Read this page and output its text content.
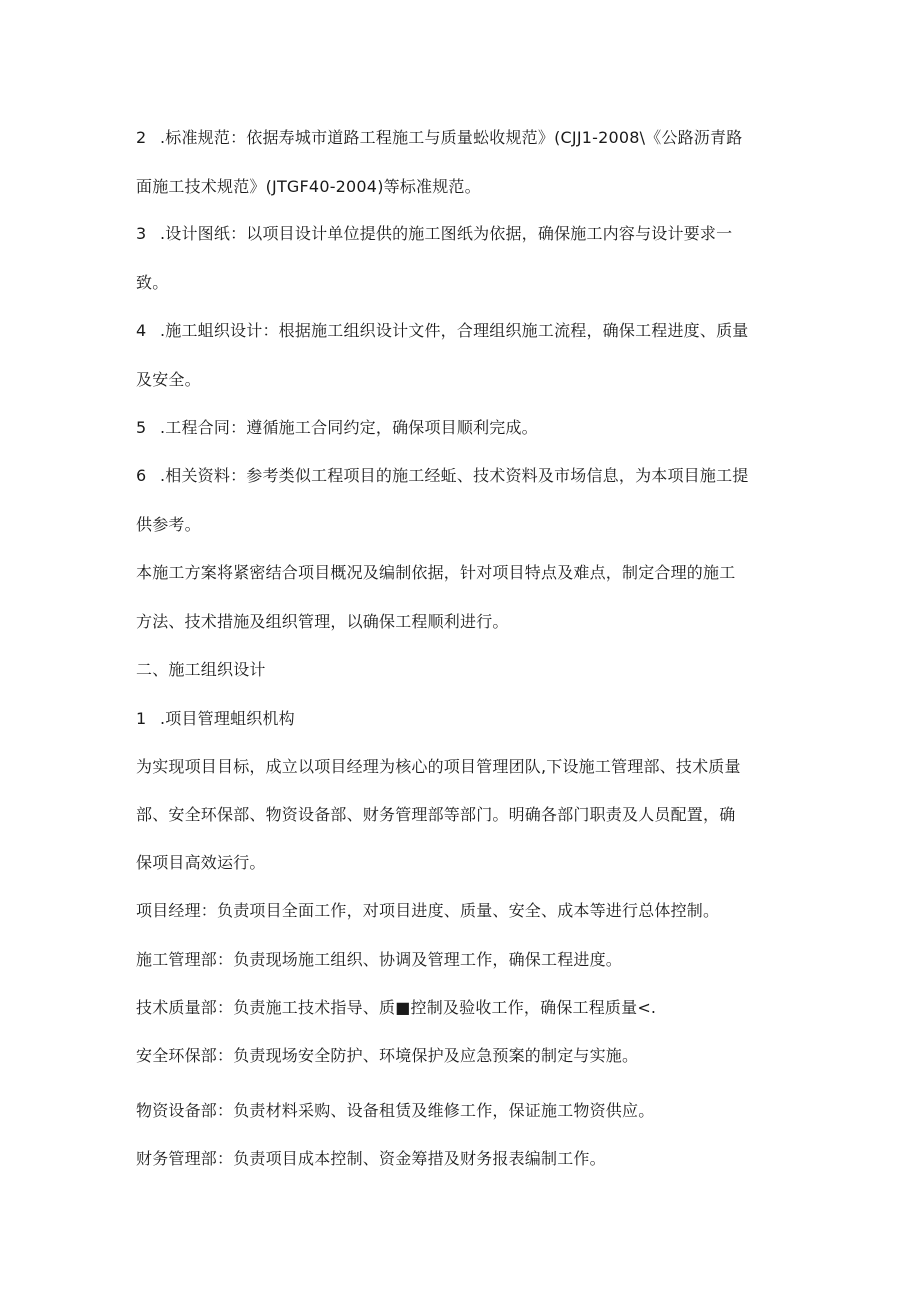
2 .标准规范：依据寿城市道路工程施工与质量蚣收规范》(CJJ1-2008\《公路沥青路
面施工技术规范》(JTGF40-2004)等标准规范。
3 .设计图纸：以项目设计单位提供的施工图纸为依据，确保施工内容与设计要求一
致。
4 .施工蛆织设计：根据施工组织设计文件，合理组织施工流程，确保工程进度、质量
及安全。
5 .工程合同：遵循施工合同约定，确保项目顺利完成。
6 .相关资料：参考类似工程项目的施工经蚯、技术资料及市场信息，为本项目施工提
供参考。
本施工方案将紧密结合项目概况及编制依据，针对项目特点及难点，制定合理的施工
方法、技术措施及组织管理，以确保工程顺利进行。
二、施工组织设计
1 .项目管理蛆织机构
为实现项目目标，成立以项目经理为核心的项目管理团队,下设施工管理部、技术质量
部、安全环保部、物资设备部、财务管理部等部门。明确各部门职责及人员配置，确
保项目高效运行。
项目经理：负责项目全面工作，对项目进度、质量、安全、成本等进行总体控制。
施工管理部：负责现场施工组织、协调及管理工作，确保工程进度。
技术质量部：负责施工技术指导、质■控制及验收工作，确保工程质量<.
安全环保部：负责现场安全防护、环境保护及应急预案的制定与实施。
物资设备部：负责材料采购、设备租赁及维修工作，保证施工物资供应。
财务管理部：负责项目成本控制、资金筹措及财务报表编制工作。
